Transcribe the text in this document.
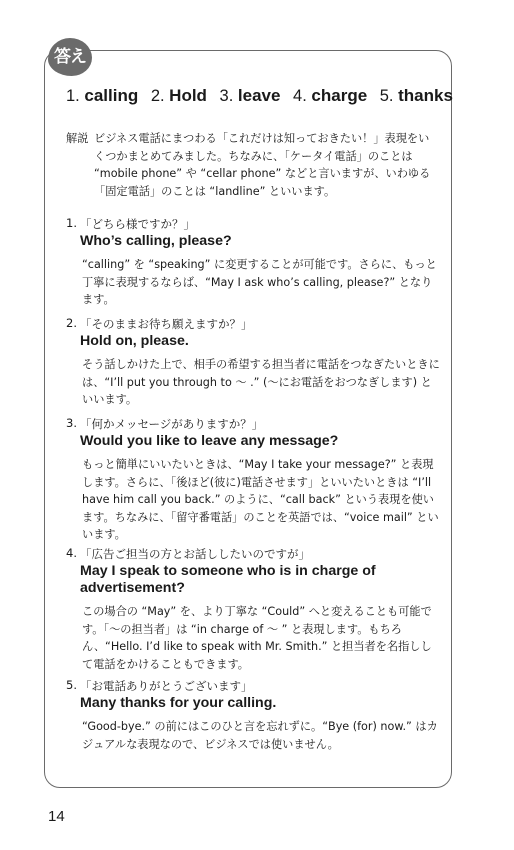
答え
1. calling 2. Hold 3. leave 4. charge 5. thanks
解説 ビジネス電話にまつわる「これだけは知っておきたい！」表現をいくつかまとめてみました。ちなみに、「ケータイ電話」のことは “mobile phone” や “cellar phone” などと言いますが、いわゆる「固定電話」のことは “landline” といいます。
1. 「どちら様ですか？」
Who’s calling, please?
“calling” を “speaking” に変更することが可能です。さらに、もっと丁寧に表現するならば、“May I ask who’s calling, please?” となります。
2. 「そのままお待ち願えますか？」
Hold on, please.
そう話しかけた上で、相手の希望する担当者に電話をつなぎたいときには、“I’ll put you through to ～ .” (～にお電話をおつなぎします) といいます。
3. 「何かメッセージがありますか？」
Would you like to leave any message?
もっと簡単にいいたいときは、“May I take your message?” と表現します。さらに、「後ほど(彼に)電話させます」といいたいときは “I’ll have him call you back.” のように、“call back” という表現を使います。ちなみに、「留守番電話」のことを英語では、“voice mail” といいます。
4. 「広告ご担当の方とお話ししたいのですが」
May I speak to someone who is in charge of advertisement?
この場合の “May” を、より丁寧な “Could” へと変えることも可能です。「～の担当者」は “in charge of ～ ” と表現します。もちろん、“Hello. I’d like to speak with Mr. Smith.” と担当者を名指しして電話をかけることもできます。
5. 「お電話ありがとうございます」
Many thanks for your calling.
“Good-bye.” の前にはこのひと言を忘れずに。“Bye (for) now.” はカジュアルな表現なので、ビジネスでは使いません。
14
